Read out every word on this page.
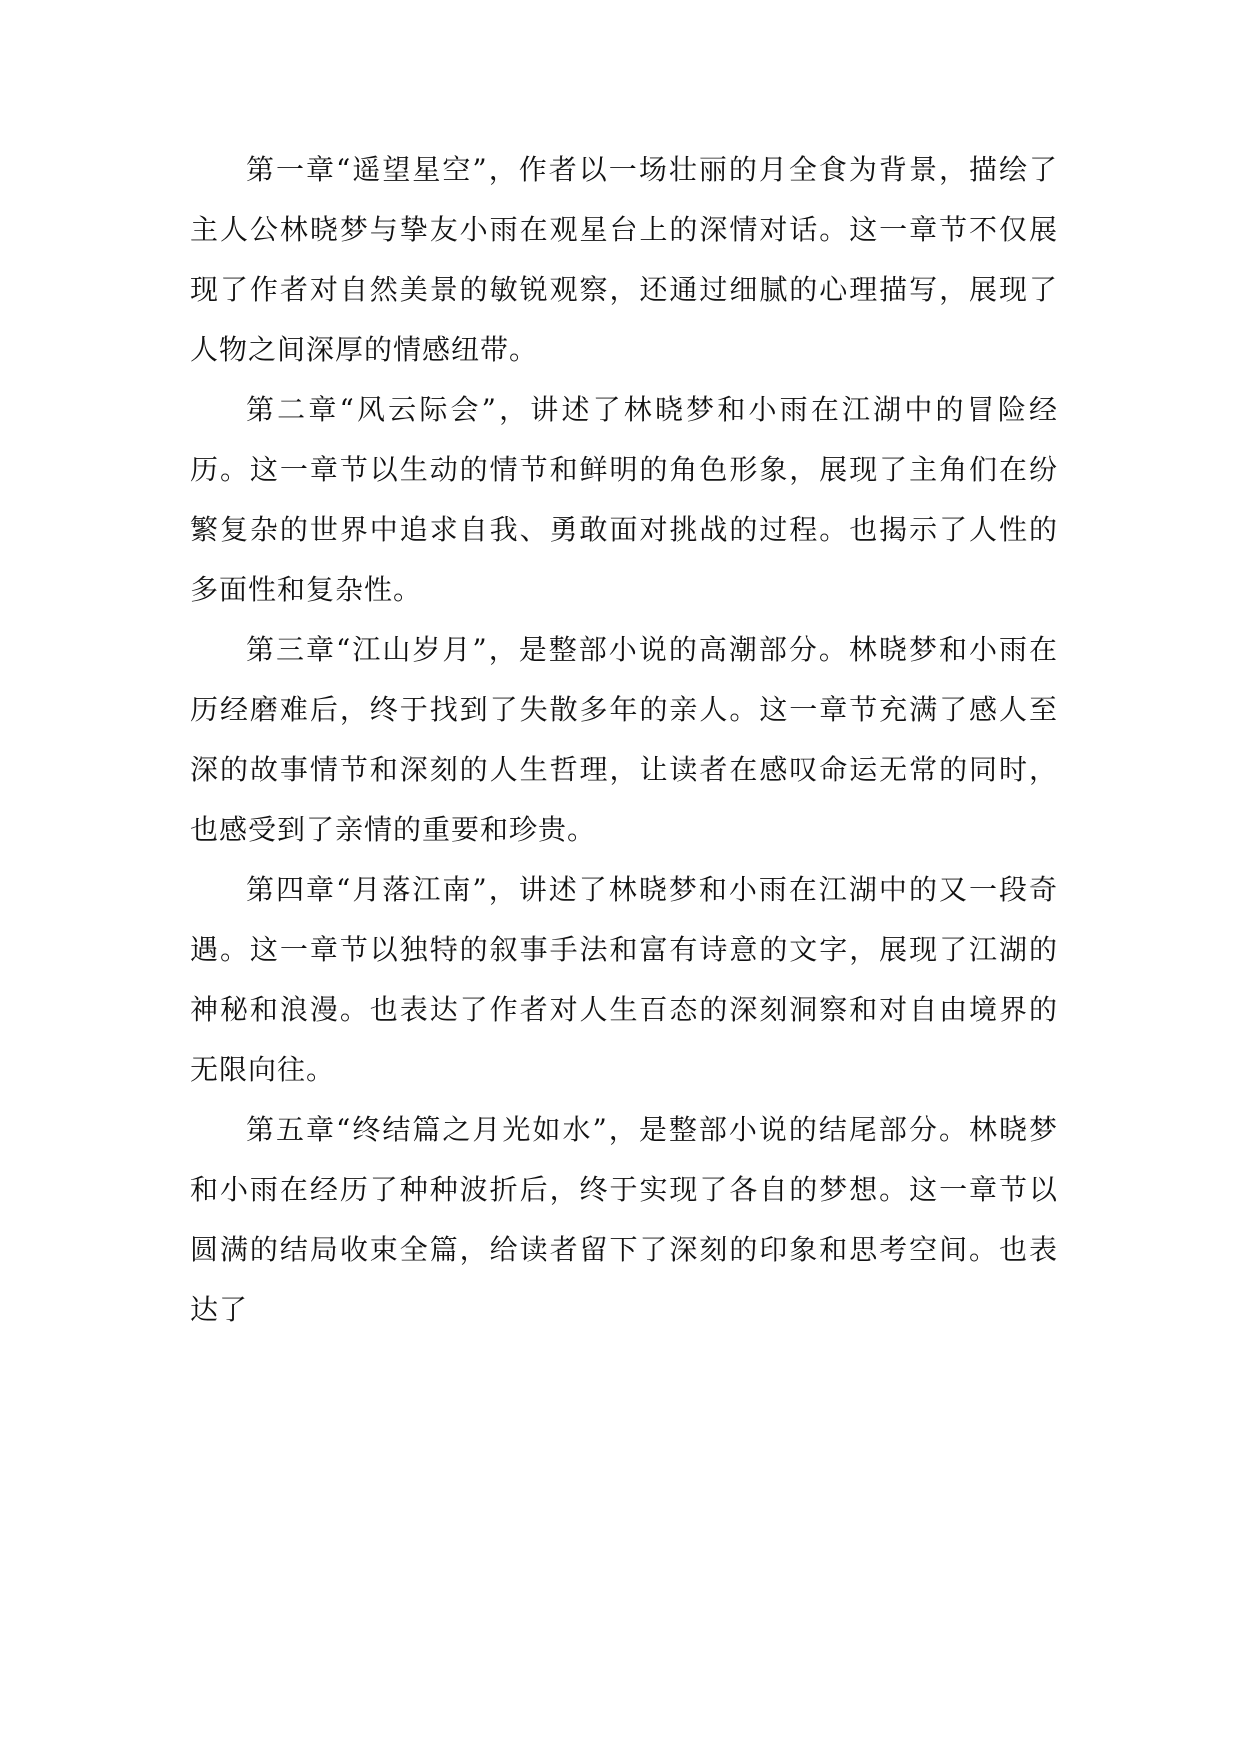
第一章“遥望星空”，作者以一场壮丽的月全食为背景，描绘了主人公林晓梦与挚友小雨在观星台上的深情对话。这一章节不仅展现了作者对自然美景的敏锐观察，还通过细腻的心理描写，展现了人物之间深厚的情感纽带。

第二章“风云际会”，讲述了林晓梦和小雨在江湖中的冒险经历。这一章节以生动的情节和鲜明的角色形象，展现了主角们在纷繁复杂的世界中追求自我、勇敢面对挑战的过程。也揭示了人性的多面性和复杂性。

第三章“江山岁月”，是整部小说的高潮部分。林晓梦和小雨在历经磨难后，终于找到了失散多年的亲人。这一章节充满了感人至深的故事情节和深刻的人生哲理，让读者在感叹命运无常的同时，也感受到了亲情的重要和珍贵。

第四章“月落江南”，讲述了林晓梦和小雨在江湖中的又一段奇遇。这一章节以独特的叙事手法和富有诗意的文字，展现了江湖的神秘和浪漫。也表达了作者对人生百态的深刻洞察和对自由境界的无限向往。

第五章“终结篇之月光如水”，是整部小说的结尾部分。林晓梦和小雨在经历了种种波折后，终于实现了各自的梦想。这一章节以圆满的结局收束全篇，给读者留下了深刻的印象和思考空间。也表达了
